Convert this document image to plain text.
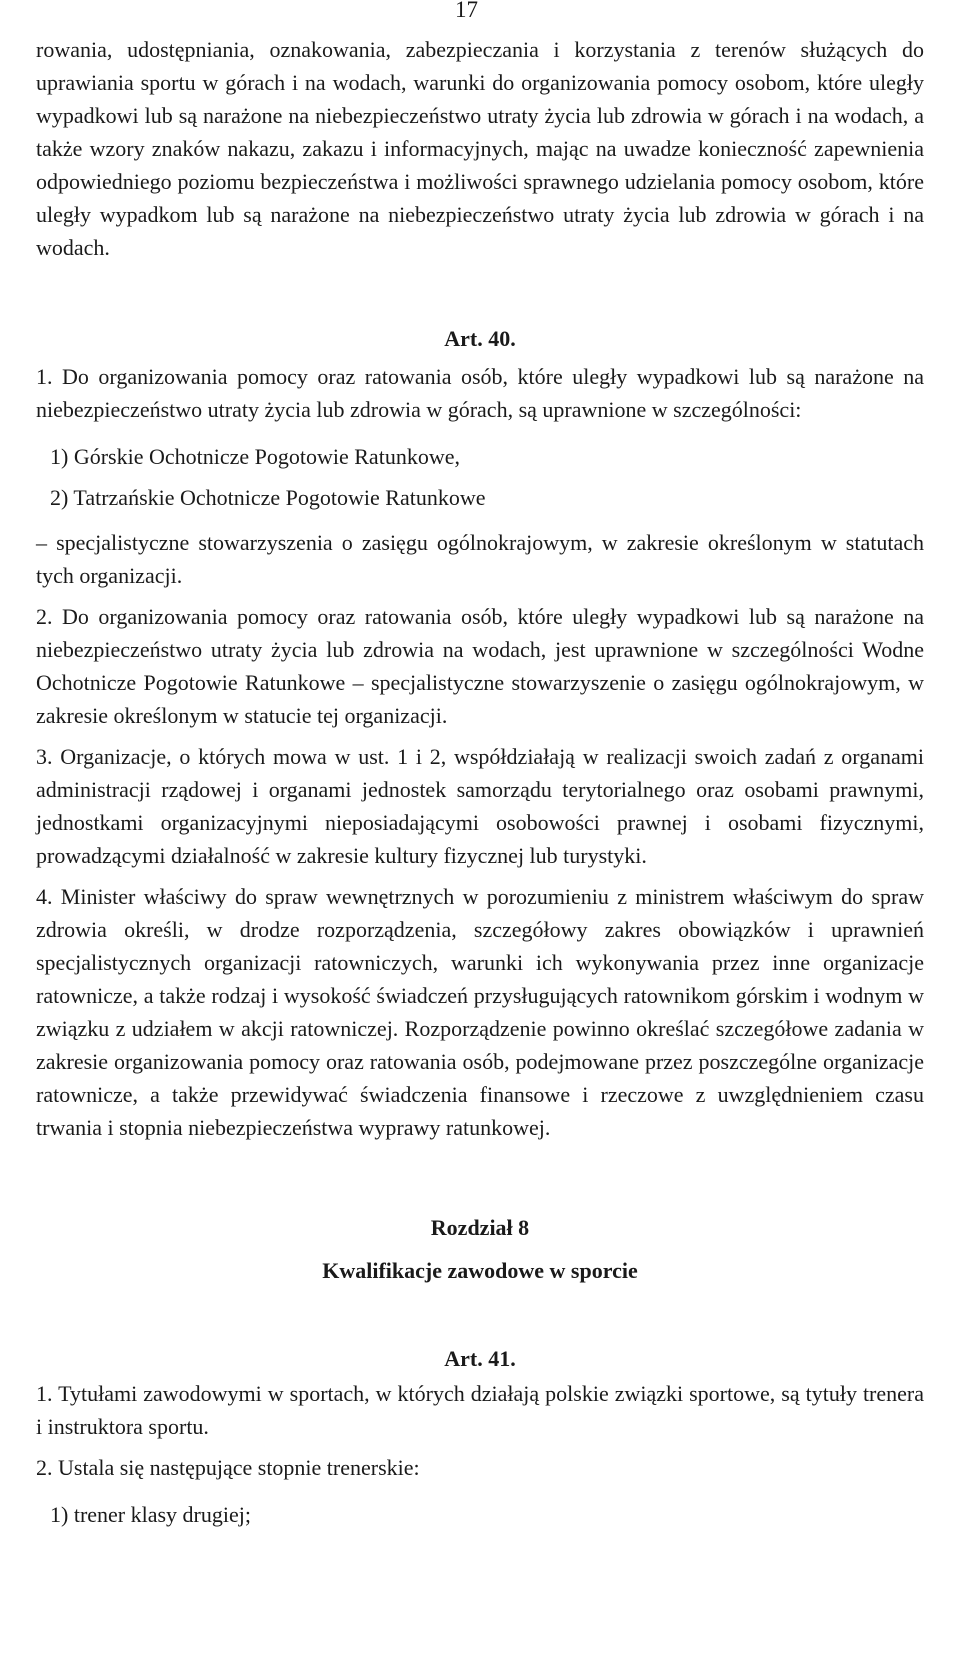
17

rowania, udostępniania, oznakowania, zabezpieczania i korzystania z terenów służących do uprawiania sportu w górach i na wodach, warunki do organizowania pomocy osobom, które uległy wypadkowi lub są narażone na niebezpieczeństwo utraty życia lub zdrowia w górach i na wodach, a także wzory znaków nakazu, zakazu i informacyjnych, mając na uwadze konieczność zapewnienia odpowiedniego poziomu bezpieczeństwa i możliwości sprawnego udzielania pomocy osobom, które uległy wypadkom lub są narażone na niebezpieczeństwo utraty życia lub zdrowia w górach i na wodach.

Art. 40.

1. Do organizowania pomocy oraz ratowania osób, które uległy wypadkowi lub są narażone na niebezpieczeństwo utraty życia lub zdrowia w górach, są uprawnione w szczególności:

1) Górskie Ochotnicze Pogotowie Ratunkowe,

2) Tatrzańskie Ochotnicze Pogotowie Ratunkowe

– specjalistyczne stowarzyszenia o zasięgu ogólnokrajowym, w zakresie określonym w statutach tych organizacji.

2. Do organizowania pomocy oraz ratowania osób, które uległy wypadkowi lub są narażone na niebezpieczeństwo utraty życia lub zdrowia na wodach, jest uprawnione w szczególności Wodne Ochotnicze Pogotowie Ratunkowe – specjalistyczne stowarzyszenie o zasięgu ogólnokrajowym, w zakresie określonym w statucie tej organizacji.

3. Organizacje, o których mowa w ust. 1 i 2, współdziałają w realizacji swoich zadań z organami administracji rządowej i organami jednostek samorządu terytorialnego oraz osobami prawnymi, jednostkami organizacyjnymi nieposiadającymi osobowości prawnej i osobami fizycznymi, prowadzącymi działalność w zakresie kultury fizycznej lub turystyki.

4. Minister właściwy do spraw wewnętrznych w porozumieniu z ministrem właściwym do spraw zdrowia określi, w drodze rozporządzenia, szczegółowy zakres obowiązków i uprawnień specjalistycznych organizacji ratowniczych, warunki ich wykonywania przez inne organizacje ratownicze, a także rodzaj i wysokość świadczeń przysługujących ratownikom górskim i wodnym w związku z udziałem w akcji ratowniczej. Rozporządzenie powinno określać szczegółowe zadania w zakresie organizowania pomocy oraz ratowania osób, podejmowane przez poszczególne organizacje ratownicze, a także przewidywać świadczenia finansowe i rzeczowe z uwzględnieniem czasu trwania i stopnia niebezpieczeństwa wyprawy ratunkowej.

Rozdział 8

Kwalifikacje zawodowe w sporcie

Art. 41.

1. Tytułami zawodowymi w sportach, w których działają polskie związki sportowe, są tytuły trenera i instruktora sportu.

2. Ustala się następujące stopnie trenerskie:

1) trener klasy drugiej;
